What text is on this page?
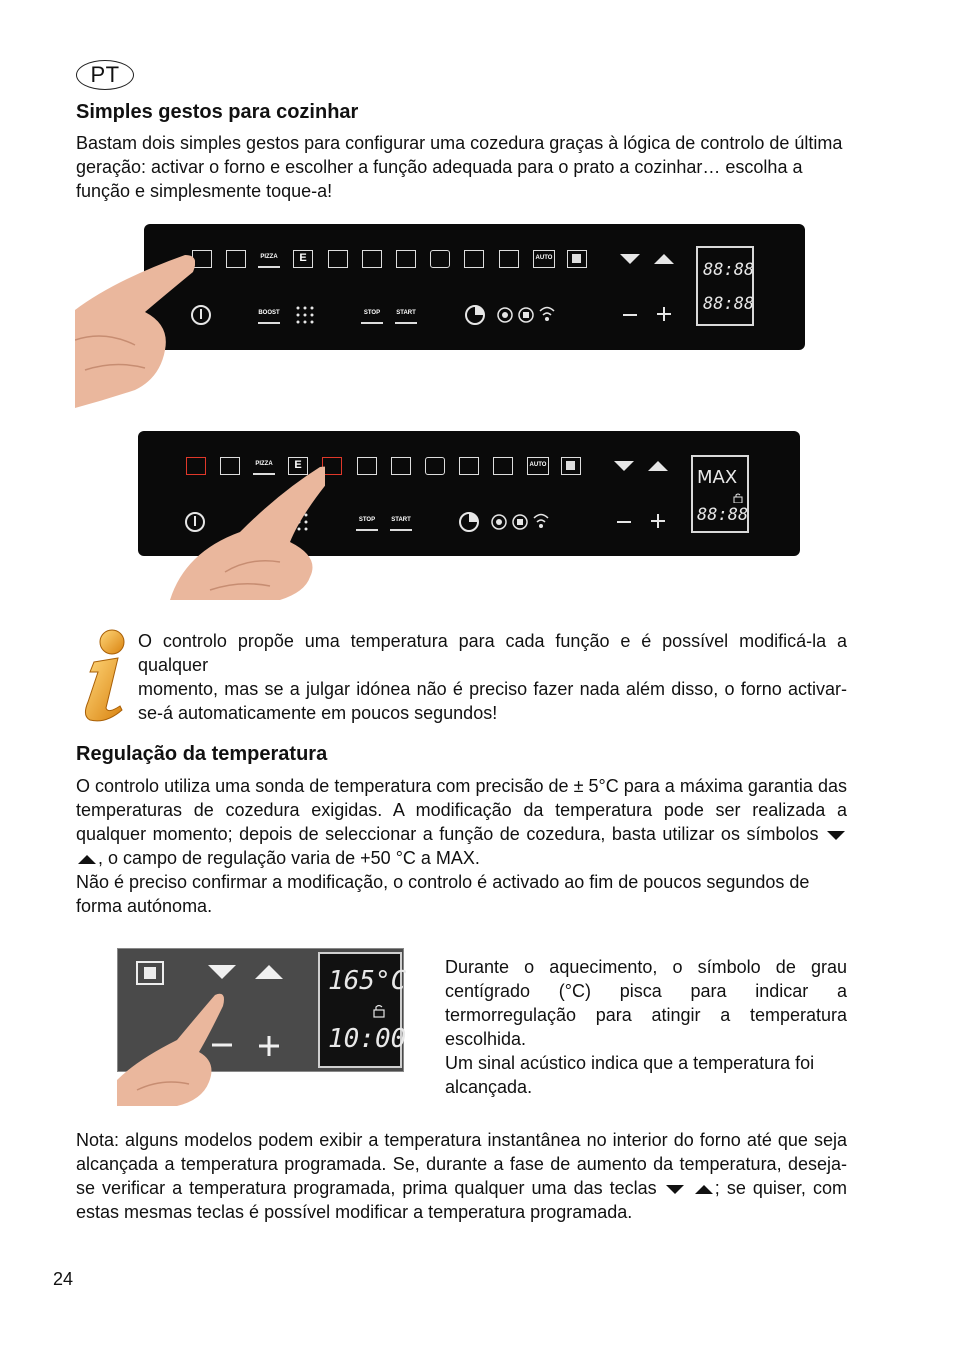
PT
Simples gestos para cozinhar
Bastam dois simples gestos para configurar uma cozedura graças à lógica de controlo de última geração: activar o forno e escolher a função adequada para o prato a cozinhar… escolha a função e simplesmente toque-a!
PIZZA	E	AUTO
88:88
88:88
BOOST	STOP	START
PIZZA	E	AUTO
MAX
88:88
STOP	START
O controlo propõe uma temperatura para cada função e é possível modificá-la a qualquer
momento, mas se a julgar idónea não é preciso fazer nada além disso, o forno activar-se-á automaticamente em poucos segundos!
Regulação da temperatura
O controlo utiliza uma sonda de temperatura com precisão de ± 5°C para a máxima garantia das temperaturas de cozedura exigidas. A modificação da temperatura pode ser realizada a qualquer momento; depois de seleccionar a função de cozedura, basta utilizar os símbolos  , o campo de regulação varia de +50 °C a MAX.
Não é preciso confirmar a modificação, o controlo é activado ao fim de poucos segundos de forma autónoma.
165°C
10:00
Durante o aquecimento, o símbolo de grau centígrado (°C) pisca para indicar a termorregulação para atingir a temperatura escolhida.
Um sinal acústico indica que a temperatura foi alcançada.
Nota: alguns modelos podem exibir a temperatura instantânea no interior do forno até que seja alcançada a temperatura programada. Se, durante a fase de aumento da temperatura, deseja-se verificar a temperatura programada, prima qualquer uma das teclas	; se quiser, com estas mesmas teclas é possível modificar a temperatura programada.
24
